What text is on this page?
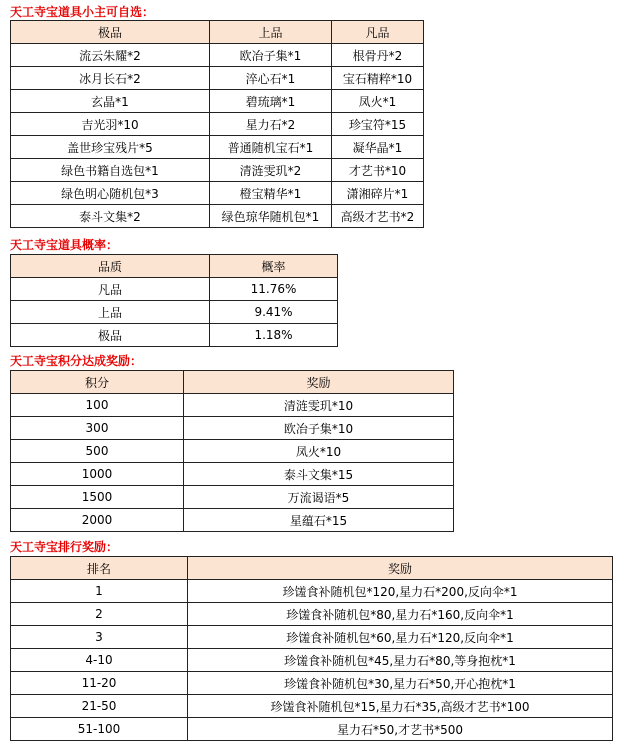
天工寺宝道具小主可自选：
极品	上品	凡品
流云朱耀*2	欧冶子集*1	根骨丹*2
冰月长石*2	淬心石*1	宝石精粹*10
玄晶*1	碧琉璃*1	凤火*1
吉光羽*10	星力石*2	珍宝符*15
盖世珍宝残片*5	普通随机宝石*1	凝华晶*1
绿色书籍自选包*1	清涟雯玑*2	才艺书*10
绿色明心随机包*3	橙宝精华*1	潇湘碎片*1
泰斗文集*2	绿色琼华随机包*1	高级才艺书*2
天工寺宝道具概率：
品质	概率
凡品	11.76%
上品	9.41%
极品	1.18%
天工寺宝积分达成奖励：
积分	奖励
100	清涟雯玑*10
300	欧冶子集*10
500	凤火*10
1000	泰斗文集*15
1500	万流谒语*5
2000	星蕴石*15
天工寺宝排行奖励：
排名	奖励
1	珍馐食补随机包*120,星力石*200,反向伞*1
2	珍馐食补随机包*80,星力石*160,反向伞*1
3	珍馐食补随机包*60,星力石*120,反向伞*1
4-10	珍馐食补随机包*45,星力石*80,等身抱枕*1
11-20	珍馐食补随机包*30,星力石*50,开心抱枕*1
21-50	珍馐食补随机包*15,星力石*35,高级才艺书*100
51-100	星力石*50,才艺书*500
